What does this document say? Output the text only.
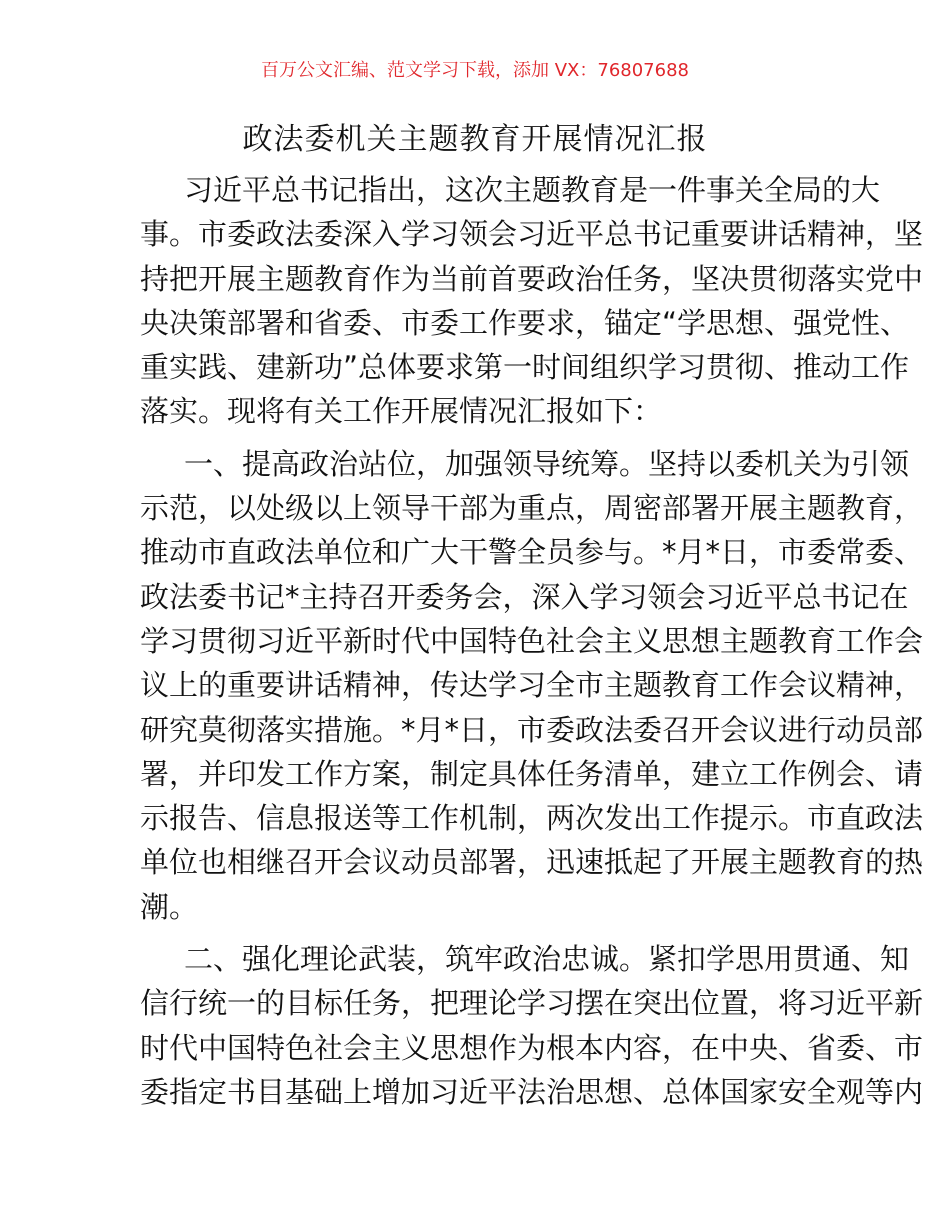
百万公文汇编、范文学习下载，添加 VX：76807688
政法委机关主题教育开展情况汇报
习近平总书记指出，这次主题教育是一件事关全局的大
事。市委政法委深入学习领会习近平总书记重要讲话精神，坚
持把开展主题教育作为当前首要政治任务，坚决贯彻落实党中
央决策部署和省委、市委工作要求，锚定“学思想、强党性、
重实践、建新功”总体要求第一时间组织学习贯彻、推动工作
落实。现将有关工作开展情况汇报如下：
一、提高政治站位，加强领导统筹。坚持以委机关为引领
示范，以处级以上领导干部为重点，周密部署开展主题教育，
推动市直政法单位和广大干警全员参与。*月*日，市委常委、
政法委书记*主持召开委务会，深入学习领会习近平总书记在
学习贯彻习近平新时代中国特色社会主义思想主题教育工作会
议上的重要讲话精神，传达学习全市主题教育工作会议精神，
研究莫彻落实措施。*月*日，市委政法委召开会议进行动员部
署，并印发工作方案，制定具体任务清单，建立工作例会、请
示报告、信息报送等工作机制，两次发出工作提示。市直政法
单位也相继召开会议动员部署，迅速抵起了开展主题教育的热
潮。
二、强化理论武装，筑牢政治忠诚。紧扣学思用贯通、知
信行统一的目标任务，把理论学习摆在突出位置，将习近平新
时代中国特色社会主义思想作为根本内容，在中央、省委、市
委指定书目基础上增加习近平法治思想、总体国家安全观等内
